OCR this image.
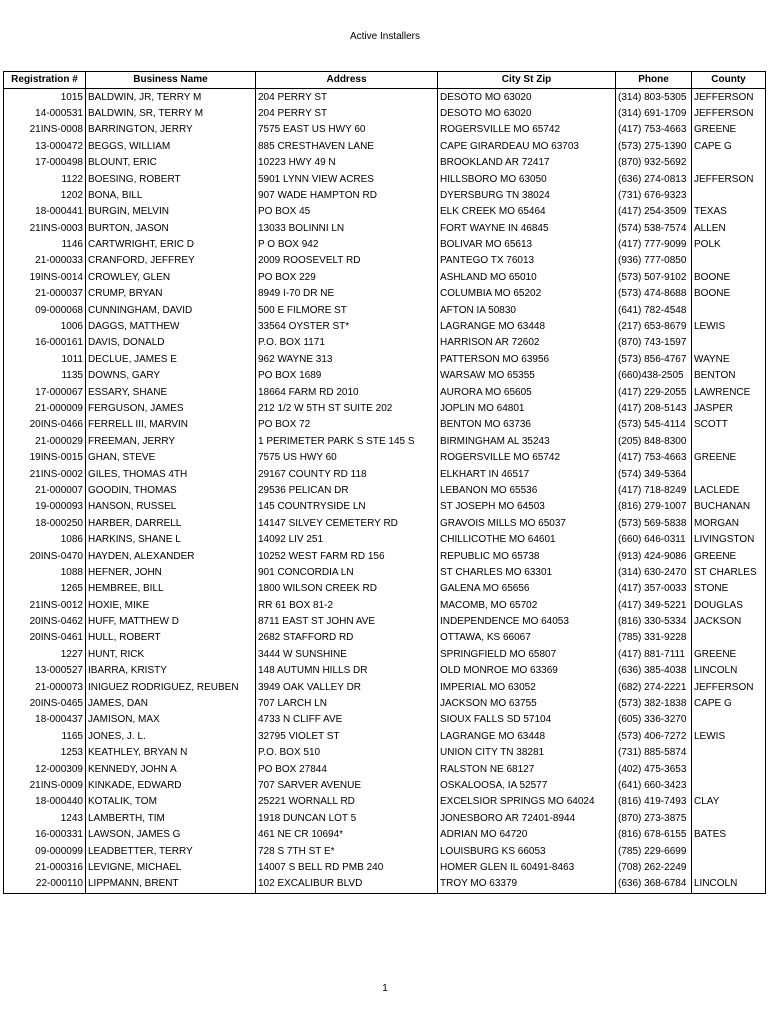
Active Installers
Registration #	Business Name	Address	City St Zip	Phone	County
1015	BALDWIN, JR, TERRY M	204 PERRY ST	DESOTO MO 63020	(314) 803-5305	JEFFERSON
14-000531	BALDWIN, SR, TERRY M	204 PERRY ST	DESOTO MO 63020	(314) 691-1709	JEFFERSON
21INS-0008	BARRINGTON, JERRY	7575 EAST US HWY 60	ROGERSVILLE MO 65742	(417) 753-4663	GREENE
13-000472	BEGGS, WILLIAM	885 CRESTHAVEN LANE	CAPE GIRARDEAU MO 63703	(573) 275-1390	CAPE G
17-000498	BLOUNT, ERIC	10223 HWY 49 N	BROOKLAND AR 72417	(870) 932-5692	
1122	BOESING, ROBERT	5901 LYNN VIEW ACRES	HILLSBORO MO 63050	(636) 274-0813	JEFFERSON
1202	BONA, BILL	907 WADE HAMPTON RD	DYERSBURG TN 38024	(731) 676-9323	
18-000441	BURGIN, MELVIN	PO BOX 45	ELK CREEK MO 65464	(417) 254-3509	TEXAS
21INS-0003	BURTON, JASON	13033 BOLINNI LN	FORT WAYNE IN 46845	(574) 538-7574	ALLEN
1146	CARTWRIGHT, ERIC D	P O BOX 942	BOLIVAR MO 65613	(417) 777-9099	POLK
21-000033	CRANFORD, JEFFREY	2009 ROOSEVELT RD	PANTEGO TX 76013	(936) 777-0850	
19INS-0014	CROWLEY, GLEN	PO BOX 229	ASHLAND MO 65010	(573) 507-9102	BOONE
21-000037	CRUMP, BRYAN	8949 I-70 DR NE	COLUMBIA MO 65202	(573) 474-8688	BOONE
09-000068	CUNNINGHAM, DAVID	500 E FILMORE ST	AFTON IA 50830	(641) 782-4548	
1006	DAGGS, MATTHEW	33564 OYSTER ST*	LAGRANGE MO 63448	(217) 653-8679	LEWIS
16-000161	DAVIS, DONALD	P.O. BOX 1171	HARRISON AR 72602	(870) 743-1597	
1011	DECLUE, JAMES E	962 WAYNE 313	PATTERSON MO 63956	(573) 856-4767	WAYNE
1135	DOWNS, GARY	PO BOX 1689	WARSAW MO 65355	(660)438-2505	BENTON
17-000067	ESSARY, SHANE	18664 FARM RD 2010	AURORA MO 65605	(417) 229-2055	LAWRENCE
21-000009	FERGUSON, JAMES	212 1/2 W 5TH ST SUITE 202	JOPLIN MO 64801	(417) 208-5143	JASPER
20INS-0466	FERRELL III, MARVIN	PO BOX 72	BENTON MO 63736	(573) 545-4114	SCOTT
21-000029	FREEMAN, JERRY	1 PERIMETER PARK S STE 145 S	BIRMINGHAM AL 35243	(205) 848-8300	
19INS-0015	GHAN, STEVE	7575 US HWY 60	ROGERSVILLE MO 65742	(417) 753-4663	GREENE
21INS-0002	GILES, THOMAS 4TH	29167 COUNTY RD 118	ELKHART IN 46517	(574) 349-5364	
21-000007	GOODIN, THOMAS	29536 PELICAN DR	LEBANON MO 65536	(417) 718-8249	LACLEDE
19-000093	HANSON, RUSSEL	145 COUNTRYSIDE LN	ST JOSEPH MO 64503	(816) 279-1007	BUCHANAN
18-000250	HARBER, DARRELL	14147 SILVEY CEMETERY RD	GRAVOIS MILLS MO 65037	(573) 569-5838	MORGAN
1086	HARKINS, SHANE L	14092 LIV 251	CHILLICOTHE MO 64601	(660) 646-0311	LIVINGSTON
20INS-0470	HAYDEN, ALEXANDER	10252 WEST FARM RD 156	REPUBLIC MO 65738	(913) 424-9086	GREENE
1088	HEFNER, JOHN	901 CONCORDIA LN	ST CHARLES MO 63301	(314) 630-2470	ST CHARLES
1265	HEMBREE, BILL	1800 WILSON CREEK RD	GALENA MO 65656	(417) 357-0033	STONE
21INS-0012	HOXIE, MIKE	RR 61 BOX 81-2	MACOMB, MO 65702	(417) 349-5221	DOUGLAS
20INS-0462	HUFF, MATTHEW D	8711 EAST ST JOHN AVE	INDEPENDENCE MO 64053	(816) 330-5334	JACKSON
20INS-0461	HULL, ROBERT	2682 STAFFORD RD	OTTAWA, KS 66067	(785) 331-9228	
1227	HUNT, RICK	3444 W SUNSHINE	SPRINGFIELD MO 65807	(417) 881-7111	GREENE
13-000527	IBARRA, KRISTY	148 AUTUMN HILLS DR	OLD MONROE MO 63369	(636) 385-4038	LINCOLN
21-000073	INIGUEZ RODRIGUEZ, REUBEN	3949 OAK VALLEY DR	IMPERIAL MO 63052	(682) 274-2221	JEFFERSON
20INS-0465	JAMES, DAN	707 LARCH LN	JACKSON MO 63755	(573) 382-1838	CAPE G
18-000437	JAMISON, MAX	4733 N CLIFF AVE	SIOUX FALLS SD 57104	(605) 336-3270	
1165	JONES, J. L.	32795 VIOLET ST	LAGRANGE MO 63448	(573) 406-7272	LEWIS
1253	KEATHLEY, BRYAN N	P.O. BOX 510	UNION CITY TN 38281	(731) 885-5874	
12-000309	KENNEDY, JOHN A	PO BOX 27844	RALSTON NE 68127	(402) 475-3653	
21INS-0009	KINKADE, EDWARD	707 SARVER AVENUE	OSKALOOSA, IA 52577	(641) 660-3423	
18-000440	KOTALIK, TOM	25221 WORNALL RD	EXCELSIOR SPRINGS MO 64024	(816) 419-7493	CLAY
1243	LAMBERTH, TIM	1918 DUNCAN LOT 5	JONESBORO AR 72401-8944	(870) 273-3875	
16-000331	LAWSON, JAMES G	461 NE CR 10694*	ADRIAN MO 64720	(816) 678-6155	BATES
09-000099	LEADBETTER, TERRY	728 S 7TH ST E*	LOUISBURG KS 66053	(785) 229-6699	
21-000316	LEVIGNE, MICHAEL	14007 S BELL RD PMB 240	HOMER GLEN IL 60491-8463	(708) 262-2249	
22-000110	LIPPMANN, BRENT	102 EXCALIBUR BLVD	TROY MO 63379	(636) 368-6784	LINCOLN
1
